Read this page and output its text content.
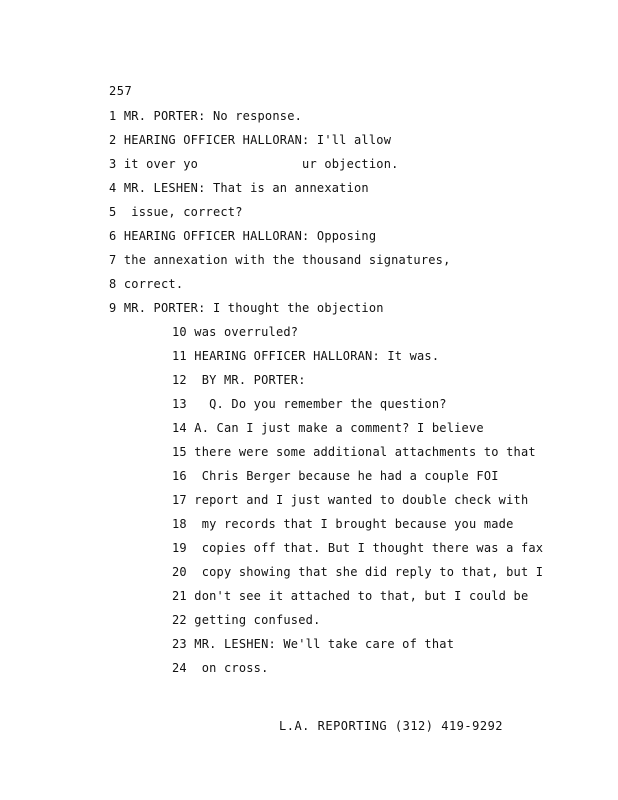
257
1 MR. PORTER: No response.
2 HEARING OFFICER HALLORAN: I'll allow
3 it over yo              ur objection.
4 MR. LESHEN: That is an annexation
5  issue, correct?
6 HEARING OFFICER HALLORAN: Opposing
7 the annexation with the thousand signatures,
8 correct.
9 MR. PORTER: I thought the objection
10 was overruled?
11 HEARING OFFICER HALLORAN: It was.
12  BY MR. PORTER:
13   Q. Do you remember the question?
14 A. Can I just make a comment? I believe
15 there were some additional attachments to that
16  Chris Berger because he had a couple FOI
17 report and I just wanted to double check with
18  my records that I brought because you made
19  copies off that. But I thought there was a fax
20  copy showing that she did reply to that, but I
21 don't see it attached to that, but I could be
22 getting confused.
23 MR. LESHEN: We'll take care of that
24  on cross.
L.A. REPORTING (312) 419-9292
